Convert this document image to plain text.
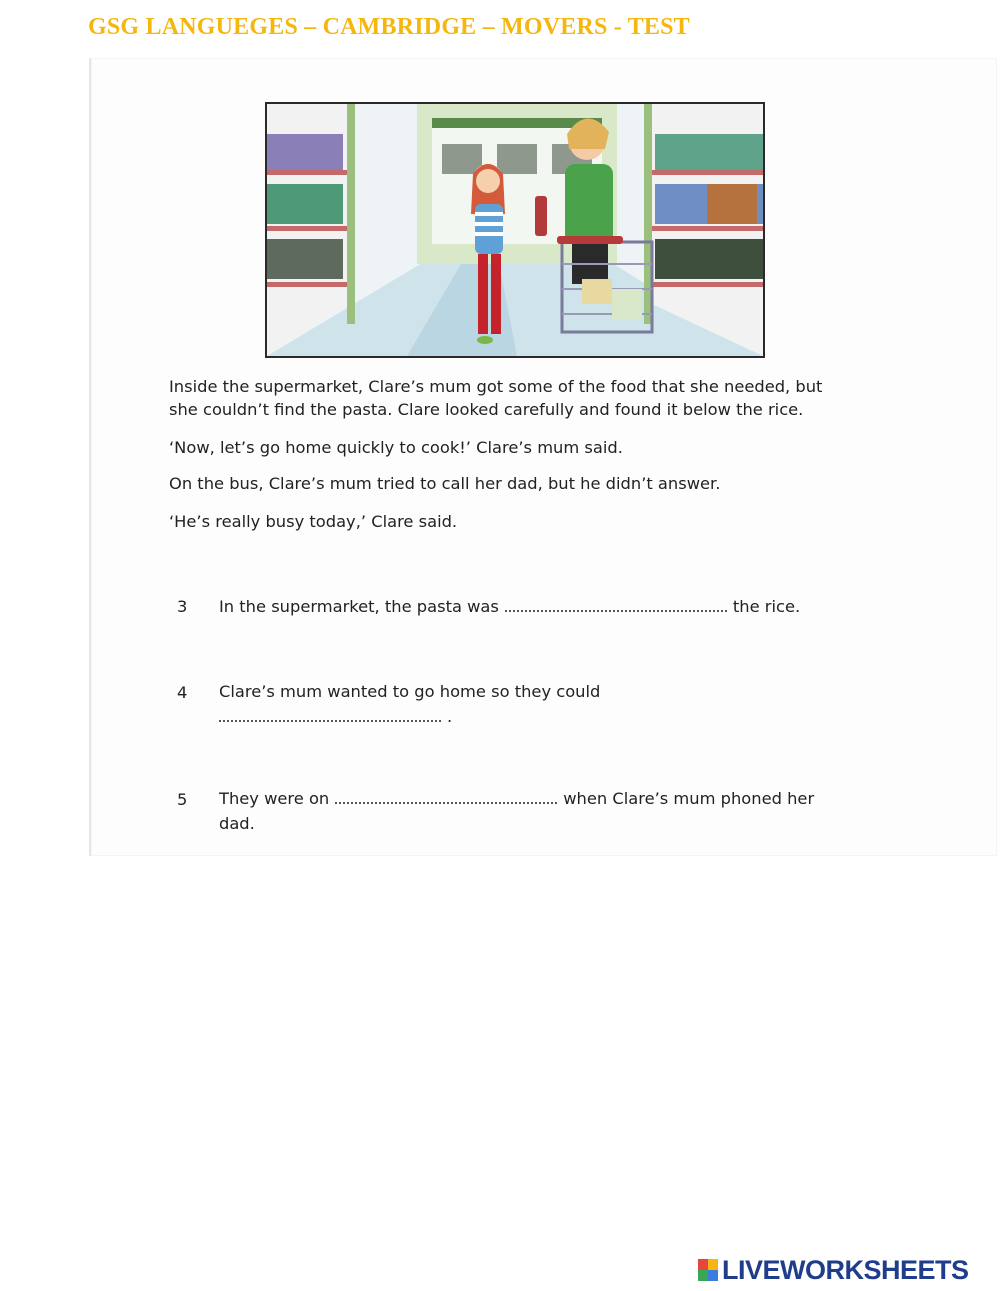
GSG LANGUEGES – CAMBRIDGE – MOVERS - TEST
Inside the supermarket, Clare’s mum got some of the food that she needed, but
she couldn’t find the pasta. Clare looked carefully and found it below the rice.
‘Now, let’s go home quickly to cook!’ Clare’s mum said.
On the bus, Clare’s mum tried to call her dad, but he didn’t answer.
‘He’s really busy today,’ Clare said.
3 In the supermarket, the pasta was	the rice.
4 Clare’s mum wanted to go home so they could
.
5 They were on	when Clare’s mum phoned her
dad.
LIVEWORKSHEETS
